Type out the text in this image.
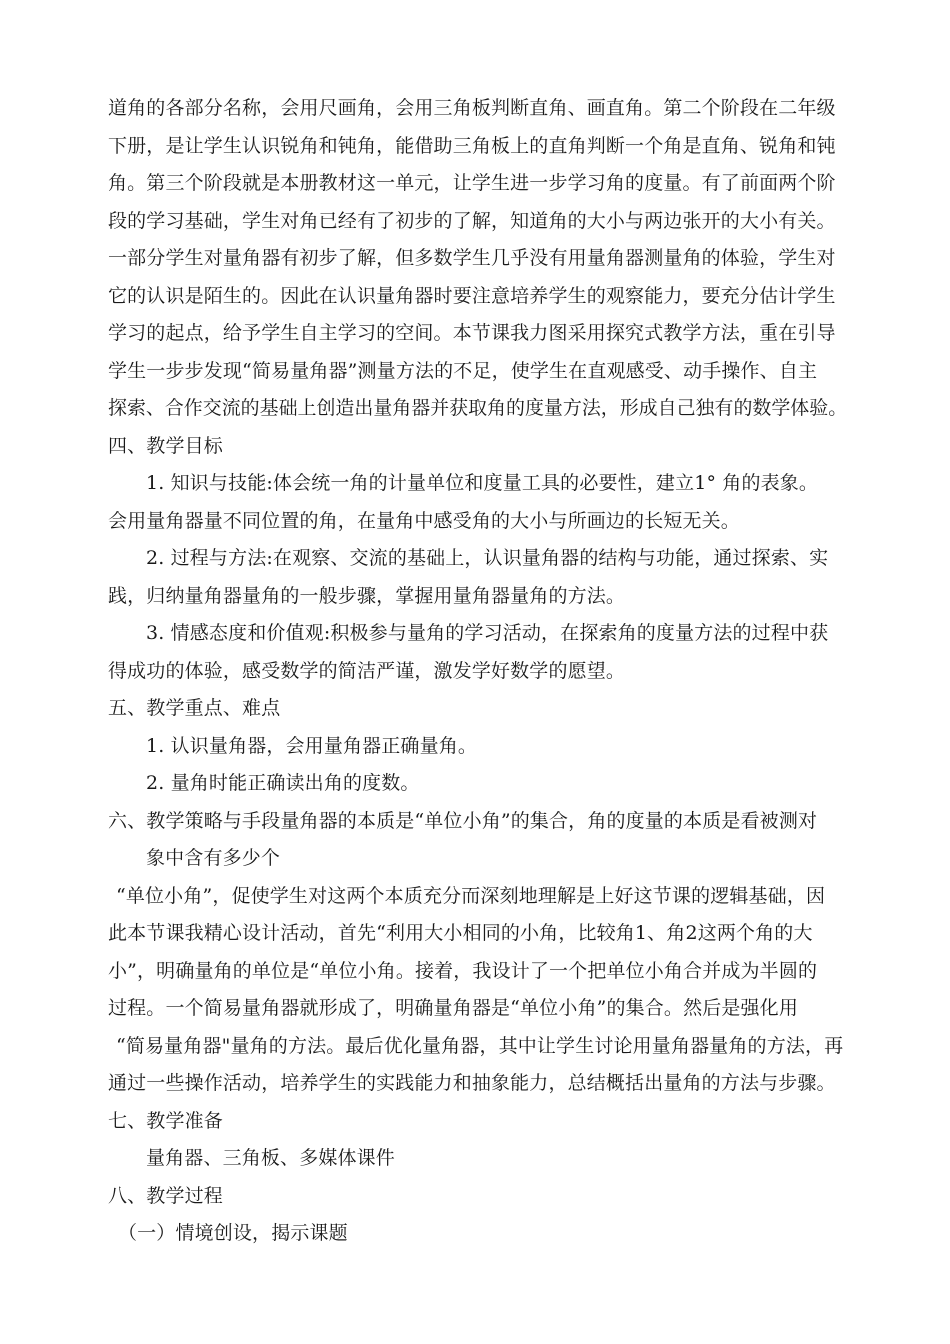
道角的各部分名称，会用尺画角，会用三角板判断直角、画直角。第二个阶段在二年级
下册，是让学生认识锐角和钝角，能借助三角板上的直角判断一个角是直角、锐角和钝
角。第三个阶段就是本册教材这一单元，让学生进一步学习角的度量。有了前面两个阶
段的学习基础，学生对角已经有了初步的了解，知道角的大小与两边张开的大小有关。
一部分学生对量角器有初步了解，但多数学生几乎没有用量角器测量角的体验，学生对
它的认识是陌生的。因此在认识量角器时要注意培养学生的观察能力，要充分估计学生
学习的起点，给予学生自主学习的空间。本节课我力图采用探究式教学方法，重在引导
学生一步步发现“简易量角器”测量方法的不足，使学生在直观感受、动手操作、自主
探索、合作交流的基础上创造出量角器并获取角的度量方法，形成自己独有的数学体验。
四、教学目标
1. 知识与技能:体会统一角的计量单位和度量工具的必要性，建立1° 角的表象。
会用量角器量不同位置的角，在量角中感受角的大小与所画边的长短无关。
2. 过程与方法:在观察、交流的基础上，认识量角器的结构与功能，通过探索、实
践，归纳量角器量角的一般步骤，掌握用量角器量角的方法。
3. 情感态度和价值观:积极参与量角的学习活动，在探索角的度量方法的过程中获
得成功的体验，感受数学的简洁严谨，激发学好数学的愿望。
五、教学重点、难点
1. 认识量角器，会用量角器正确量角。
2. 量角时能正确读出角的度数。
六、教学策略与手段量角器的本质是“单位小角”的集合，角的度量的本质是看被测对
象中含有多少个
“单位小角”，促使学生对这两个本质充分而深刻地理解是上好这节课的逻辑基础，因
此本节课我精心设计活动，首先“利用大小相同的小角，比较角1、角2这两个角的大
小”，明确量角的单位是“单位小角。接着，我设计了一个把单位小角合并成为半圆的
过程。一个简易量角器就形成了，明确量角器是“单位小角”的集合。然后是强化用
“简易量角器"量角的方法。最后优化量角器，其中让学生讨论用量角器量角的方法，再
通过一些操作活动，培养学生的实践能力和抽象能力，总结概括出量角的方法与步骤。
七、教学准备
量角器、三角板、多媒体课件
八、教学过程
（一）情境创设，揭示课题
